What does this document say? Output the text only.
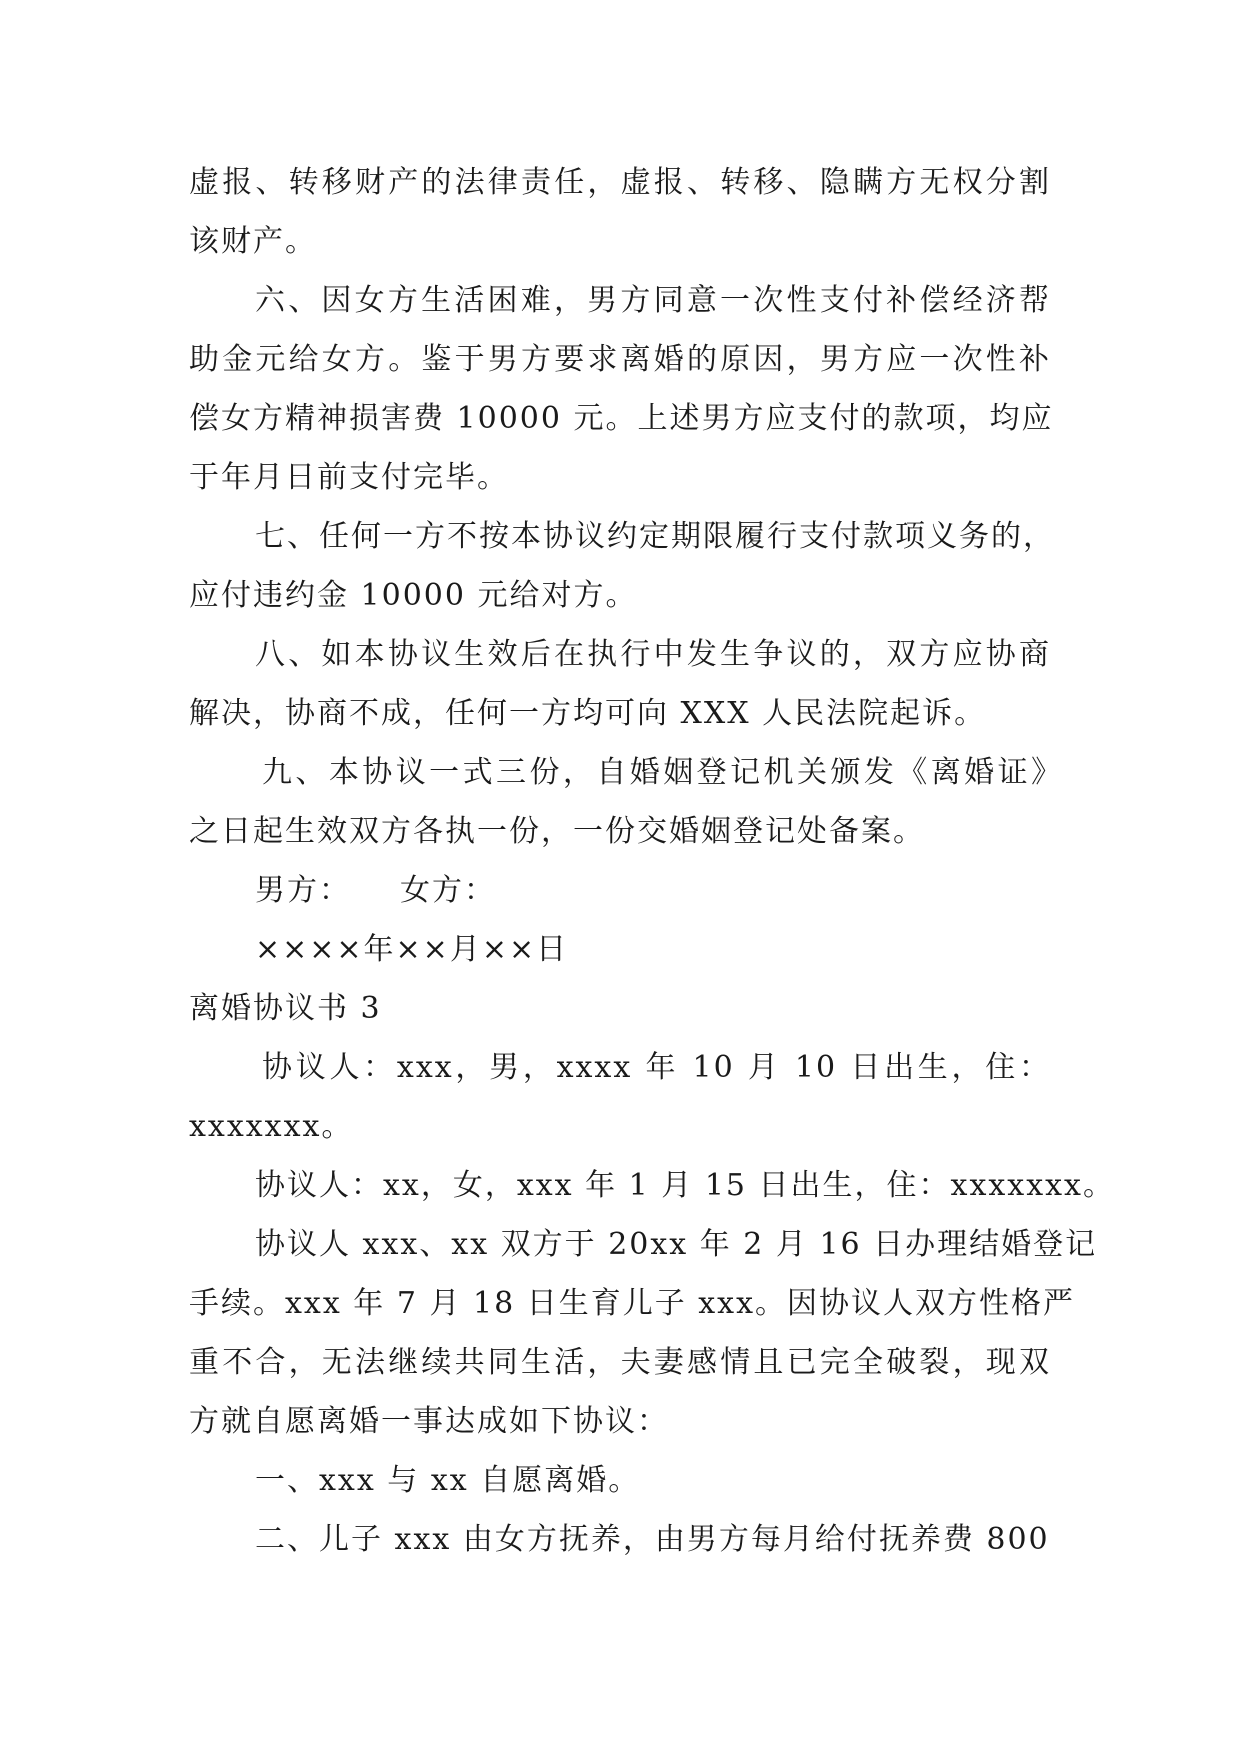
虚报、转移财产的法律责任，虚报、转移、隐瞒方无权分割

该财产。

六、因女方生活困难，男方同意一次性支付补偿经济帮

助金元给女方。鉴于男方要求离婚的原因，男方应一次性补

偿女方精神损害费 10000 元。上述男方应支付的款项，均应

于年月日前支付完毕。

七、任何一方不按本协议约定期限履行支付款项义务的，

应付违约金 10000 元给对方。

八、如本协议生效后在执行中发生争议的，双方应协商

解决，协商不成，任何一方均可向 XXX 人民法院起诉。

九、本协议一式三份，自婚姻登记机关颁发《离婚证》

之日起生效双方各执一份，一份交婚姻登记处备案。

男方：　　女方：

××××年××月××日

离婚协议书 3

协议人：xxx，男，xxxx 年 10 月 10 日出生，住：

xxxxxxx。

协议人：xx，女，xxx 年 1 月 15 日出生，住：xxxxxxx。

协议人 xxx、xx 双方于 20xx 年 2 月 16 日办理结婚登记

手续。xxx 年 7 月 18 日生育儿子 xxx。因协议人双方性格严

重不合，无法继续共同生活，夫妻感情且已完全破裂，现双

方就自愿离婚一事达成如下协议：

一、xxx 与 xx 自愿离婚。

二、儿子 xxx 由女方抚养，由男方每月给付抚养费 800
